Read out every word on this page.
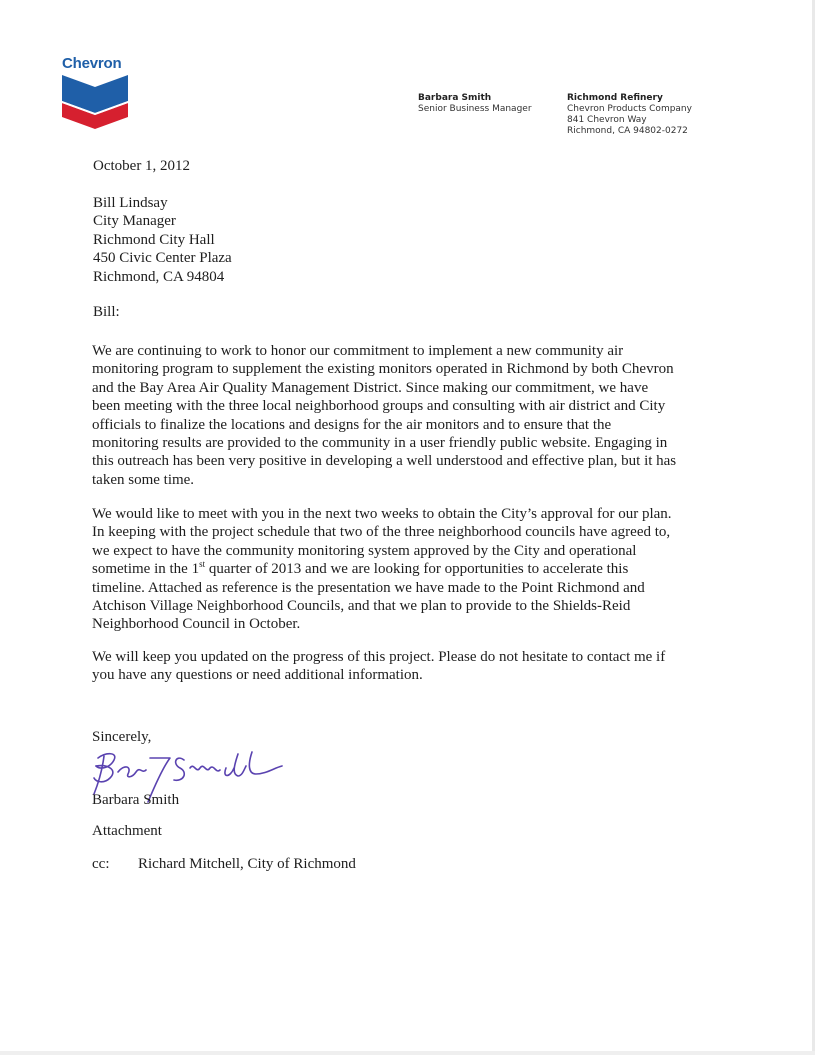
Chevron
Barbara Smith
Senior Business Manager
Richmond Refinery
Chevron Products Company
841 Chevron Way
Richmond, CA 94802-0272
October 1, 2012
Bill Lindsay
City Manager
Richmond City Hall
450 Civic Center Plaza
Richmond, CA 94804
Bill:
We are continuing to work to honor our commitment to implement a new community air
monitoring program to supplement the existing monitors operated in Richmond by both Chevron
and the Bay Area Air Quality Management District. Since making our commitment, we have
been meeting with the three local neighborhood groups and consulting with air district and City
officials to finalize the locations and designs for the air monitors and to ensure that the
monitoring results are provided to the community in a user friendly public website. Engaging in
this outreach has been very positive in developing a well understood and effective plan, but it has
taken some time.
We would like to meet with you in the next two weeks to obtain the City’s approval for our plan.
In keeping with the project schedule that two of the three neighborhood councils have agreed to,
we expect to have the community monitoring system approved by the City and operational
sometime in the 1st quarter of 2013 and we are looking for opportunities to accelerate this
timeline. Attached as reference is the presentation we have made to the Point Richmond and
Atchison Village Neighborhood Councils, and that we plan to provide to the Shields-Reid
Neighborhood Council in October.
We will keep you updated on the progress of this project. Please do not hesitate to contact me if
you have any questions or need additional information.
Sincerely,
Barbara Smith
Attachment
cc: Richard Mitchell, City of Richmond
